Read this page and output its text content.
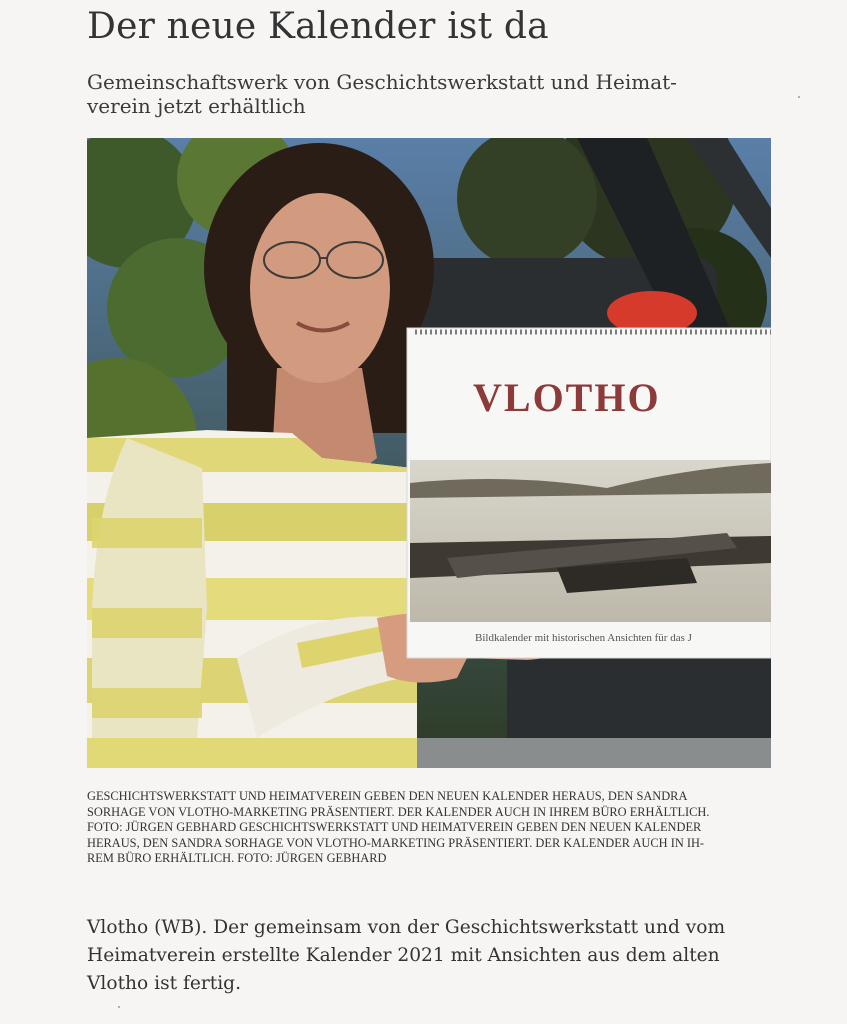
Der neue Kalender ist da
Gemeinschaftswerk von Geschichtswerkstatt und Heimat-
verein jetzt erhältlich
VLOTHO
Bildkalender mit historischen Ansichten für das J
GESCHICHTSWERKSTATT UND HEIMATVEREIN GEBEN DEN NEUEN KALENDER HERAUS, DEN SANDRA
SORHAGE VON VLOTHO-MARKETING PRÄSENTIERT. DER KALENDER AUCH IN IHREM BÜRO ERHÄLTLICH.
FOTO: JÜRGEN GEBHARD GESCHICHTSWERKSTATT UND HEIMATVEREIN GEBEN DEN NEUEN KALENDER
HERAUS, DEN SANDRA SORHAGE VON VLOTHO-MARKETING PRÄSENTIERT. DER KALENDER AUCH IN IH-
REM BÜRO ERHÄLTLICH. FOTO: JÜRGEN GEBHARD
Vlotho (WB). Der gemeinsam von der Geschichtswerkstatt und vom
Heimatverein erstellte Kalender 2021 mit Ansichten aus dem alten
Vlotho ist fertig.
